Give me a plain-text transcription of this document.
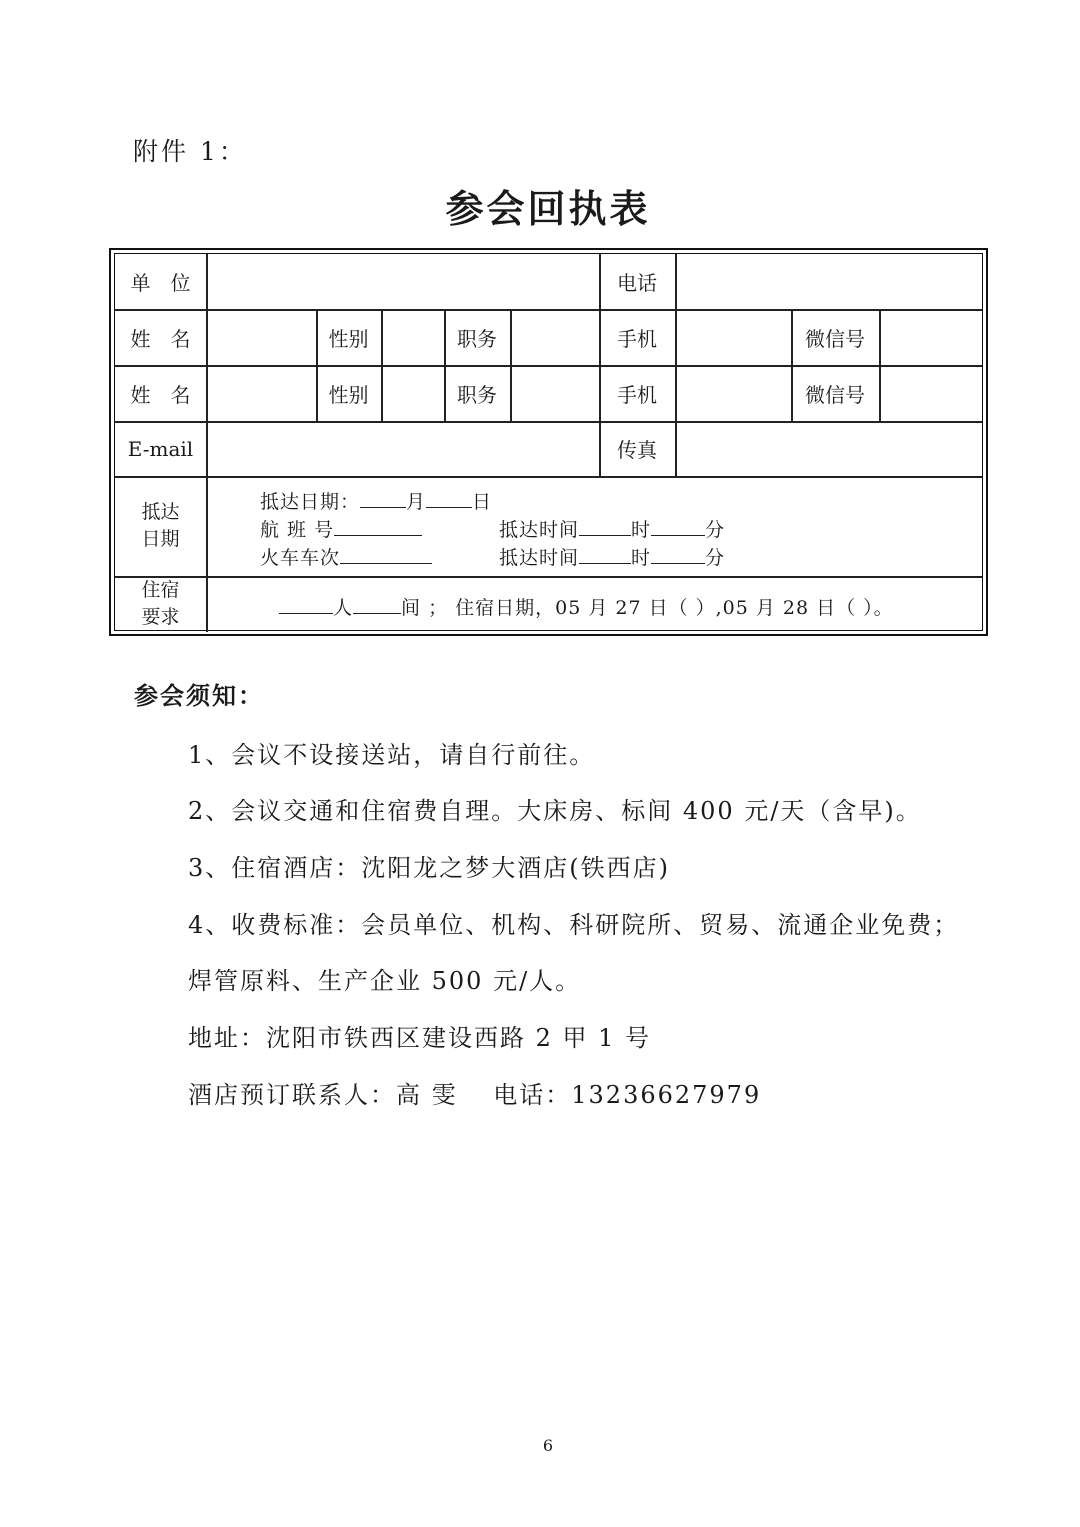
附件 1：
参会回执表
单　位	电话
姓　名	性别	职务	手机	微信号
姓　名	性别	职务	手机	微信号
E-mail	传真
抵达
日期
抵达日期： 月 日
航 班 号	抵达时间	时	分
火车车次	抵达时间	时	分
住宿
要求	人	间 ； 住宿日期，05 月 27 日（ ）,05 月 28 日（ ）。
参会须知：
1、会议不设接送站，请自行前往。
2、会议交通和住宿费自理。大床房、标间 400 元/天（含早)。
3、住宿酒店：沈阳龙之梦大酒店(铁西店)
4、收费标准：会员单位、机构、科研院所、贸易、流通企业免费；
焊管原料、生产企业 500 元/人。
地址：沈阳市铁西区建设西路 2 甲 1 号
酒店预订联系人：高 雯　 电话：13236627979
6
